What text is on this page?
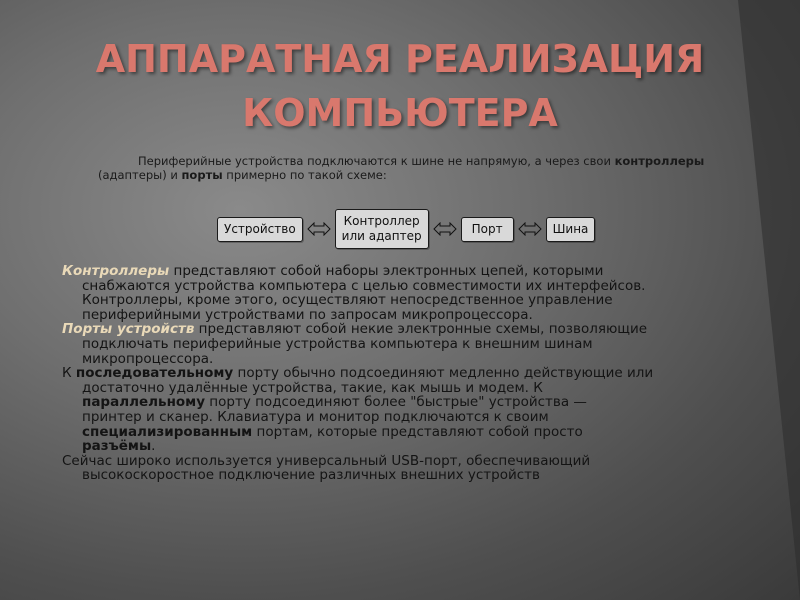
АППАРАТНАЯ РЕАЛИЗАЦИЯ
КОМПЬЮТЕРА
Периферийные устройства подключаются к шине не напрямую, а через свои контроллеры (адаптеры) и порты примерно по такой схеме:
Устройство
Контроллер
или адаптер
Порт	Шина

Контроллеры представляют собой наборы электронных цепей, которыми
снабжаются устройства компьютера с целью совместимости их интерфейсов.
Контроллеры, кроме этого, осуществляют непосредственное управление
периферийными устройствами по запросам микропроцессора.

Порты устройств представляют собой некие электронные схемы, позволяющие
подключать периферийные устройства компьютера к внешним шинам
микропроцессора.

К последовательному порту обычно подсоединяют медленно действующие или
достаточно удалённые устройства, такие, как мышь и модем. К
параллельному порту подсоединяют более "быстрые" устройства —
принтер и сканер. Клавиатура и монитор подключаются к своим
специализированным портам, которые представляют собой просто
разъёмы.

Сейчас широко используется универсальный USB-порт, обеспечивающий
высокоскоростное подключение различных внешних устройств
